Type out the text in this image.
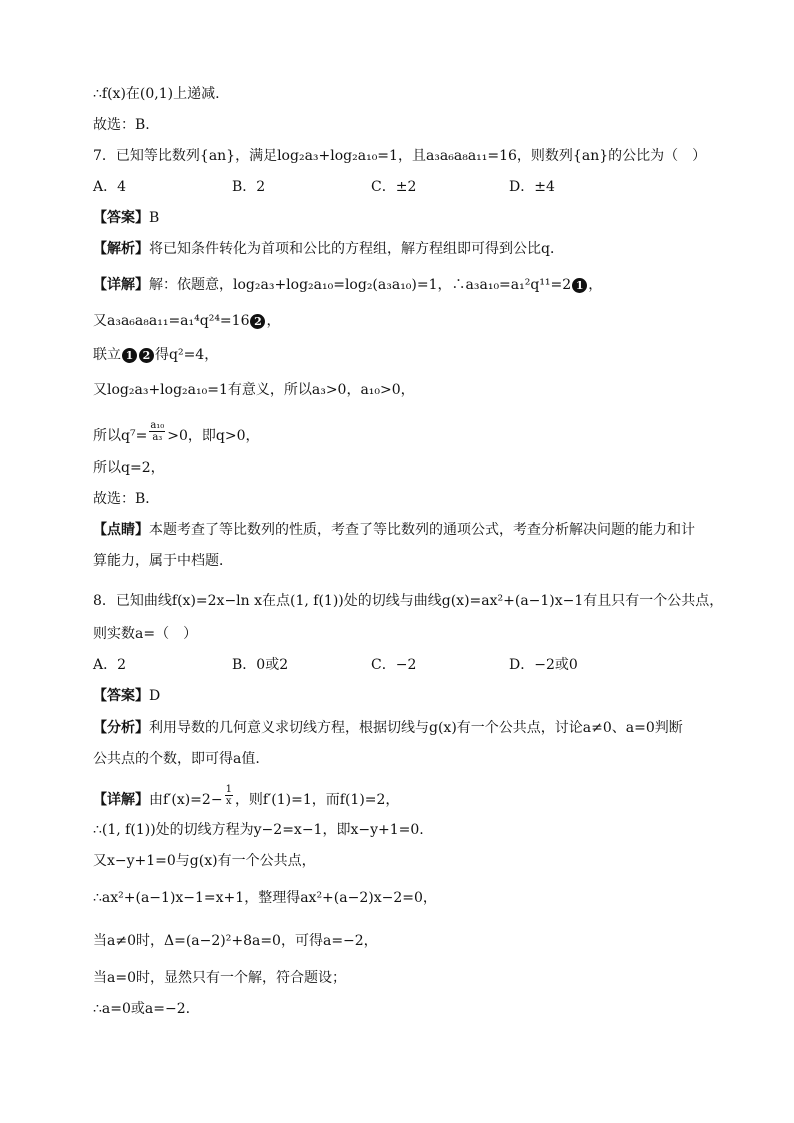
∴f(x)在(0,1)上递减.
故选：B.
7．已知等比数列{an}，满足log₂a₃+log₂a₁₀=1，且a₃a₆a₈a₁₁=16，则数列{an}的公比为（　）
A．4	B．2	C．±2	D．±4
【答案】B
【解析】将已知条件转化为首项和公比的方程组，解方程组即可得到公比q．
【详解】解：依题意，log₂a₃+log₂a₁₀=log₂(a₃a₁₀)=1，∴a₃a₁₀=a₁²q¹¹=2 1 ，
又a₃a₆a₈a₁₁=a₁⁴q²⁴=16 2 ，
联立 1 2 得q²=4，
又log₂a₃+log₂a₁₀=1有意义，所以a₃>0，a₁₀>0，
所以$q^7= \frac{\text{a₁₀}}{\text{a₃}} >0$，即q>0，
所以q=2，
故选：B．
【点睛】本题考查了等比数列的性质，考查了等比数列的通项公式，考查分析解决问题的能力和计
算能力，属于中档题．
8．已知曲线f(x)=2x−ln x在点(1, f(1))处的切线与曲线g(x)=ax²+(a−1)x−1有且只有一个公共点，
则实数a=（　）
A．2	B．0或2	C．−2	D．−2或0
【答案】D
【分析】利用导数的几何意义求切线方程，根据切线与g(x)有一个公共点，讨论a≠0、a=0判断
公共点的个数，即可得a值.
【详解】由$f'(x)=2- \frac{1}{x}$ ，则f′(1)=1，而f(1)=2，
∴(1, f(1))处的切线方程为y−2=x−1，即x−y+1=0.
又x−y+1=0与g(x)有一个公共点，
∴ax²+(a−1)x−1=x+1，整理得ax²+(a−2)x−2=0，
当a≠0时，Δ=(a−2)²+8a=0，可得a=−2，
当a=0时，显然只有一个解，符合题设；
∴a=0或a=−2.
